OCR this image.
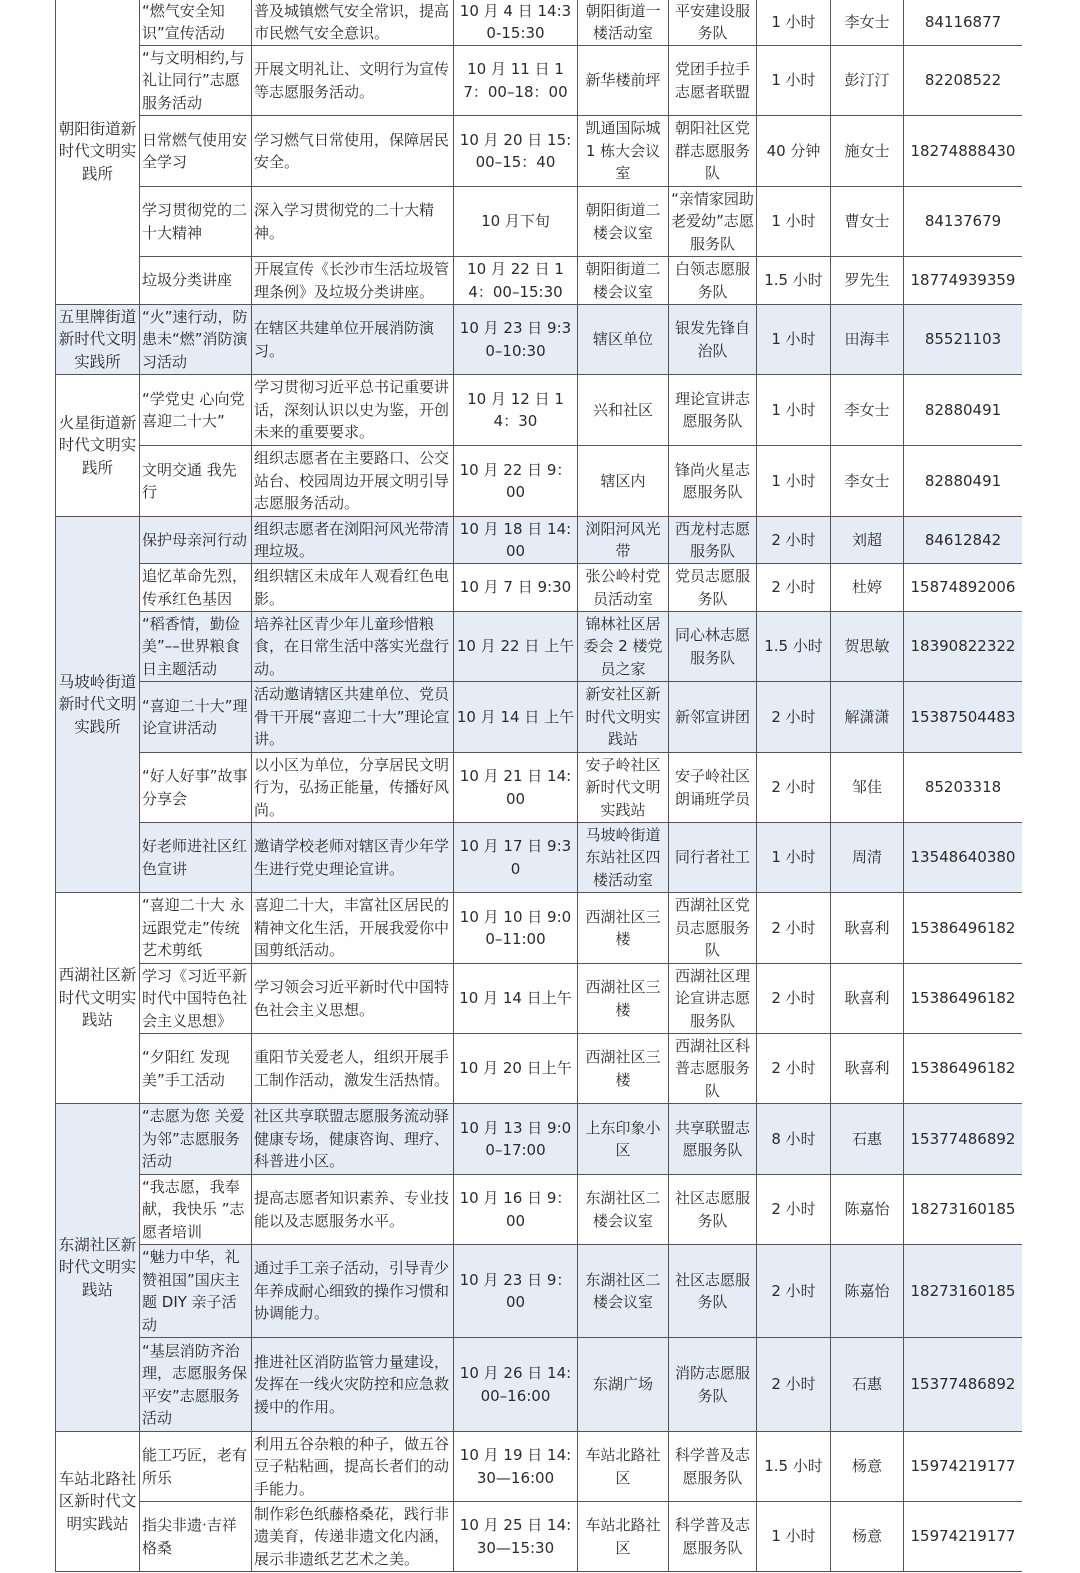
朝阳街道新时代文明实践所	“燃气安全知识”宣传活动	普及城镇燃气安全常识，提高市民燃气安全意识。	10 月 4 日 14:30-15:30	朝阳街道一楼活动室	平安建设服务队	1 小时	李女士	84116877
	“与文明相约,与礼让同行”志愿服务活动	开展文明礼让、文明行为宣传等志愿服务活动。	10 月 11 日 17：00–18：00	新华楼前坪	党团手拉手志愿者联盟	1 小时	彭汀汀	82208522
	日常燃气使用安全学习	学习燃气日常使用，保障居民安全。	10 月 20 日 15:00–15：40	凯通国际城 1 栋大会议室	朝阳社区党群志愿服务队	40 分钟	施女士	18274888430
	学习贯彻党的二十大精神	深入学习贯彻党的二十大精神。	10 月下旬	朝阳街道二楼会议室	“亲情家园助老爱幼”志愿服务队	1 小时	曹女士	84137679
	垃圾分类讲座	开展宣传《长沙市生活垃圾管理条例》及垃圾分类讲座。	10 月 22 日 14：00–15:30	朝阳街道二楼会议室	白领志愿服务队	1.5 小时	罗先生	18774939359
五里牌街道新时代文明实践所	“火”速行动，防患未“燃”消防演习活动	在辖区共建单位开展消防演习。	10 月 23 日 9:30–10:30	辖区单位	银发先锋自治队	1 小时	田海丰	85521103
火星街道新时代文明实践所	“学党史 心向党 喜迎二十大”	学习贯彻习近平总书记重要讲话，深刻认识以史为鉴，开创未来的重要要求。	10 月 12 日 14：30	兴和社区	理论宣讲志愿服务队	1 小时	李女士	82880491
	文明交通 我先行	组织志愿者在主要路口、公交站台、校园周边开展文明引导志愿服务活动。	10 月 22 日 9：00	辖区内	锋尚火星志愿服务队	1 小时	李女士	82880491
马坡岭街道新时代文明实践所	保护母亲河行动	组织志愿者在浏阳河风光带清理垃圾。	10 月 18 日 14:00	浏阳河风光带	西龙村志愿服务队	2 小时	刘超	84612842
	追忆革命先烈，传承红色基因	组织辖区未成年人观看红色电影。	10 月 7 日 9:30	张公岭村党员活动室	党员志愿服务队	2 小时	杜婷	15874892006
	“稻香情，勤俭美”––世界粮食日主题活动	培养社区青少年儿童珍惜粮食，在日常生活中落实光盘行动。	10 月 22 日 上午	锦林社区居委会 2 楼党员之家	同心林志愿服务队	1.5 小时	贺思敏	18390822322
	“喜迎二十大”理论宣讲活动	活动邀请辖区共建单位、党员骨干开展“喜迎二十大”理论宣讲。	10 月 14 日 上午	新安社区新时代文明实践站	新邻宣讲团	2 小时	解潇潇	15387504483
	“好人好事”故事分享会	以小区为单位，分享居民文明行为，弘扬正能量，传播好风尚。	10 月 21 日 14:00	安子岭社区新时代文明实践站	安子岭社区朗诵班学员	2 小时	邹佳	85203318
	好老师进社区红色宣讲	邀请学校老师对辖区青少年学生进行党史理论宣讲。	10 月 17 日 9:30	马坡岭街道东站社区四楼活动室	同行者社工	1 小时	周清	13548640380
西湖社区新时代文明实践站	“喜迎二十大 永远跟党走”传统艺术剪纸	喜迎二十大，丰富社区居民的精神文化生活，开展我爱你中国剪纸活动。	10 月 10 日 9:00–11:00	西湖社区三楼	西湖社区党员志愿服务队	2 小时	耿喜利	15386496182
	学习《习近平新时代中国特色社会主义思想》	学习领会习近平新时代中国特色社会主义思想。	10 月 14 日上午	西湖社区三楼	西湖社区理论宣讲志愿服务队	2 小时	耿喜利	15386496182
	“夕阳红 发现美”手工活动	重阳节关爱老人，组织开展手工制作活动，激发生活热情。	10 月 20 日上午	西湖社区三楼	西湖社区科普志愿服务队	2 小时	耿喜利	15386496182
东湖社区新时代文明实践站	“志愿为您 关爱为邻”志愿服务活动	社区共享联盟志愿服务流动驿健康专场，健康咨询、理疗、科普进小区。	10 月 13 日 9:00–17:00	上东印象小区	共享联盟志愿服务队	8 小时	石惠	15377486892
	“我志愿，我奉献，我快乐 ”志愿者培训	提高志愿者知识素养、专业技能以及志愿服务水平。	10 月 16 日 9：00	东湖社区二楼会议室	社区志愿服务队	2 小时	陈嘉怡	18273160185
	“魅力中华，礼赞祖国”国庆主题 DIY 亲子活动	通过手工亲子活动，引导青少年养成耐心细致的操作习惯和协调能力。	10 月 23 日 9：00	东湖社区二楼会议室	社区志愿服务队	2 小时	陈嘉怡	18273160185
	“基层消防齐治理，志愿服务保平安”志愿服务活动	推进社区消防监管力量建设，发挥在一线火灾防控和应急救援中的作用。	10 月 26 日 14:00–16:00	东湖广场	消防志愿服务队	2 小时	石惠	15377486892
车站北路社区新时代文明实践站	能工巧匠，老有所乐	利用五谷杂粮的种子，做五谷豆子粘粘画，提高长者们的动手能力。	10 月 19 日 14:30—16:00	车站北路社区	科学普及志愿服务队	1.5 小时	杨意	15974219177
	指尖非遗·吉祥格桑	制作彩色纸藤格桑花，践行非遗美育，传递非遗文化内涵，展示非遗纸艺艺术之美。	10 月 25 日 14:30—15:30	车站北路社区	科学普及志愿服务队	1 小时	杨意	15974219177
